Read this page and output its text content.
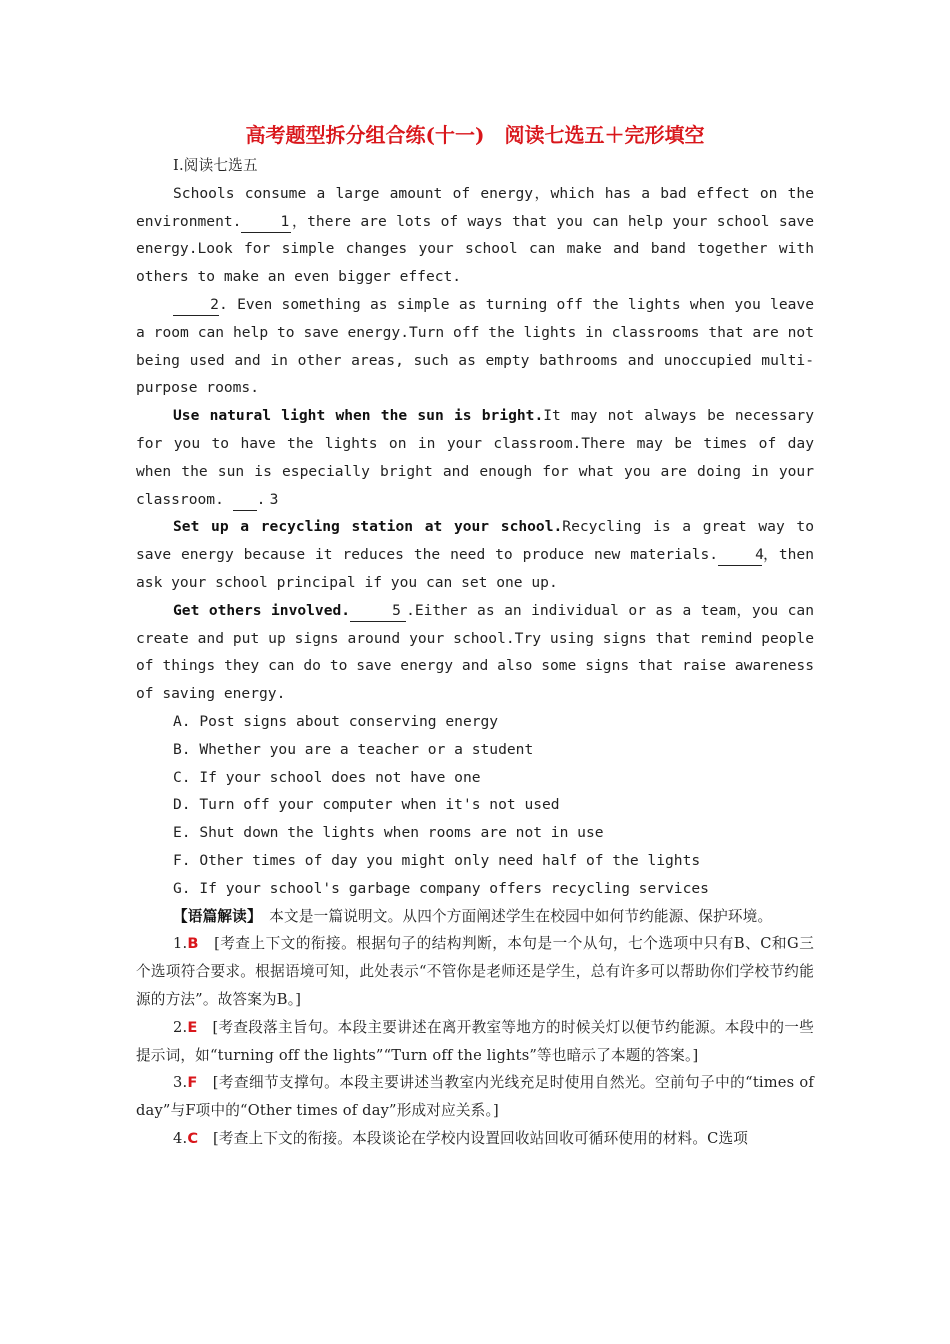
高考题型拆分组合练(十一)　阅读七选五＋完形填空
Ⅰ.阅读七选五

Schools consume a large amount of energy，which has a bad effect on the environment.	1 ，there are lots of ways that you can help your school save energy.Look for simple changes your school can make and band together with others to make an even bigger effect.

2. Even something as simple as turning off the lights when you leave a room can help to save energy.Turn off the lights in classrooms that are not being used and in other areas, such as empty bathrooms and unoccupied multi-purpose rooms.

Use natural light when the sun is bright.It may not always be necessary for you to have the lights on in your classroom.There may be times of day when the sun is especially bright and enough for what you are doing in your classroom.	3.

Set up a recycling station at your school.Recycling is a great way to save energy because it reduces the need to produce new materials.	4，then ask your school principal if you can set one up.

Get others involved.	5 .Either as an individual or as a team，you can create and put up signs around your school.Try using signs that remind people of things they can do to save energy and also some signs that raise awareness of saving energy.

A. Post signs about conserving energy
B. Whether you are a teacher or a student
C. If your school does not have one
D. Turn off your computer when it's not used
E. Shut down the lights when rooms are not in use
F. Other times of day you might only need half of the lights
G. If your school's garbage company offers recycling services

【语篇解读】　本文是一篇说明文。从四个方面阐述学生在校园中如何节约能源、保护环境。

1.B　[考查上下文的衔接。根据句子的结构判断，本句是一个从句，七个选项中只有B、C和G三个选项符合要求。根据语境可知，此处表示“不管你是老师还是学生，总有许多可以帮助你们学校节约能源的方法”。故答案为B。]

2.E　[考查段落主旨句。本段主要讲述在离开教室等地方的时候关灯以便节约能源。本段中的一些提示词，如“turning off the lights”“Turn off the lights”等也暗示了本题的答案。]

3.F　[考查细节支撑句。本段主要讲述当教室内光线充足时使用自然光。空前句子中的“times of day”与F项中的“Other times of day”形成对应关系。]

4.C　[考查上下文的衔接。本段谈论在学校内设置回收站回收可循环使用的材料。C选项
